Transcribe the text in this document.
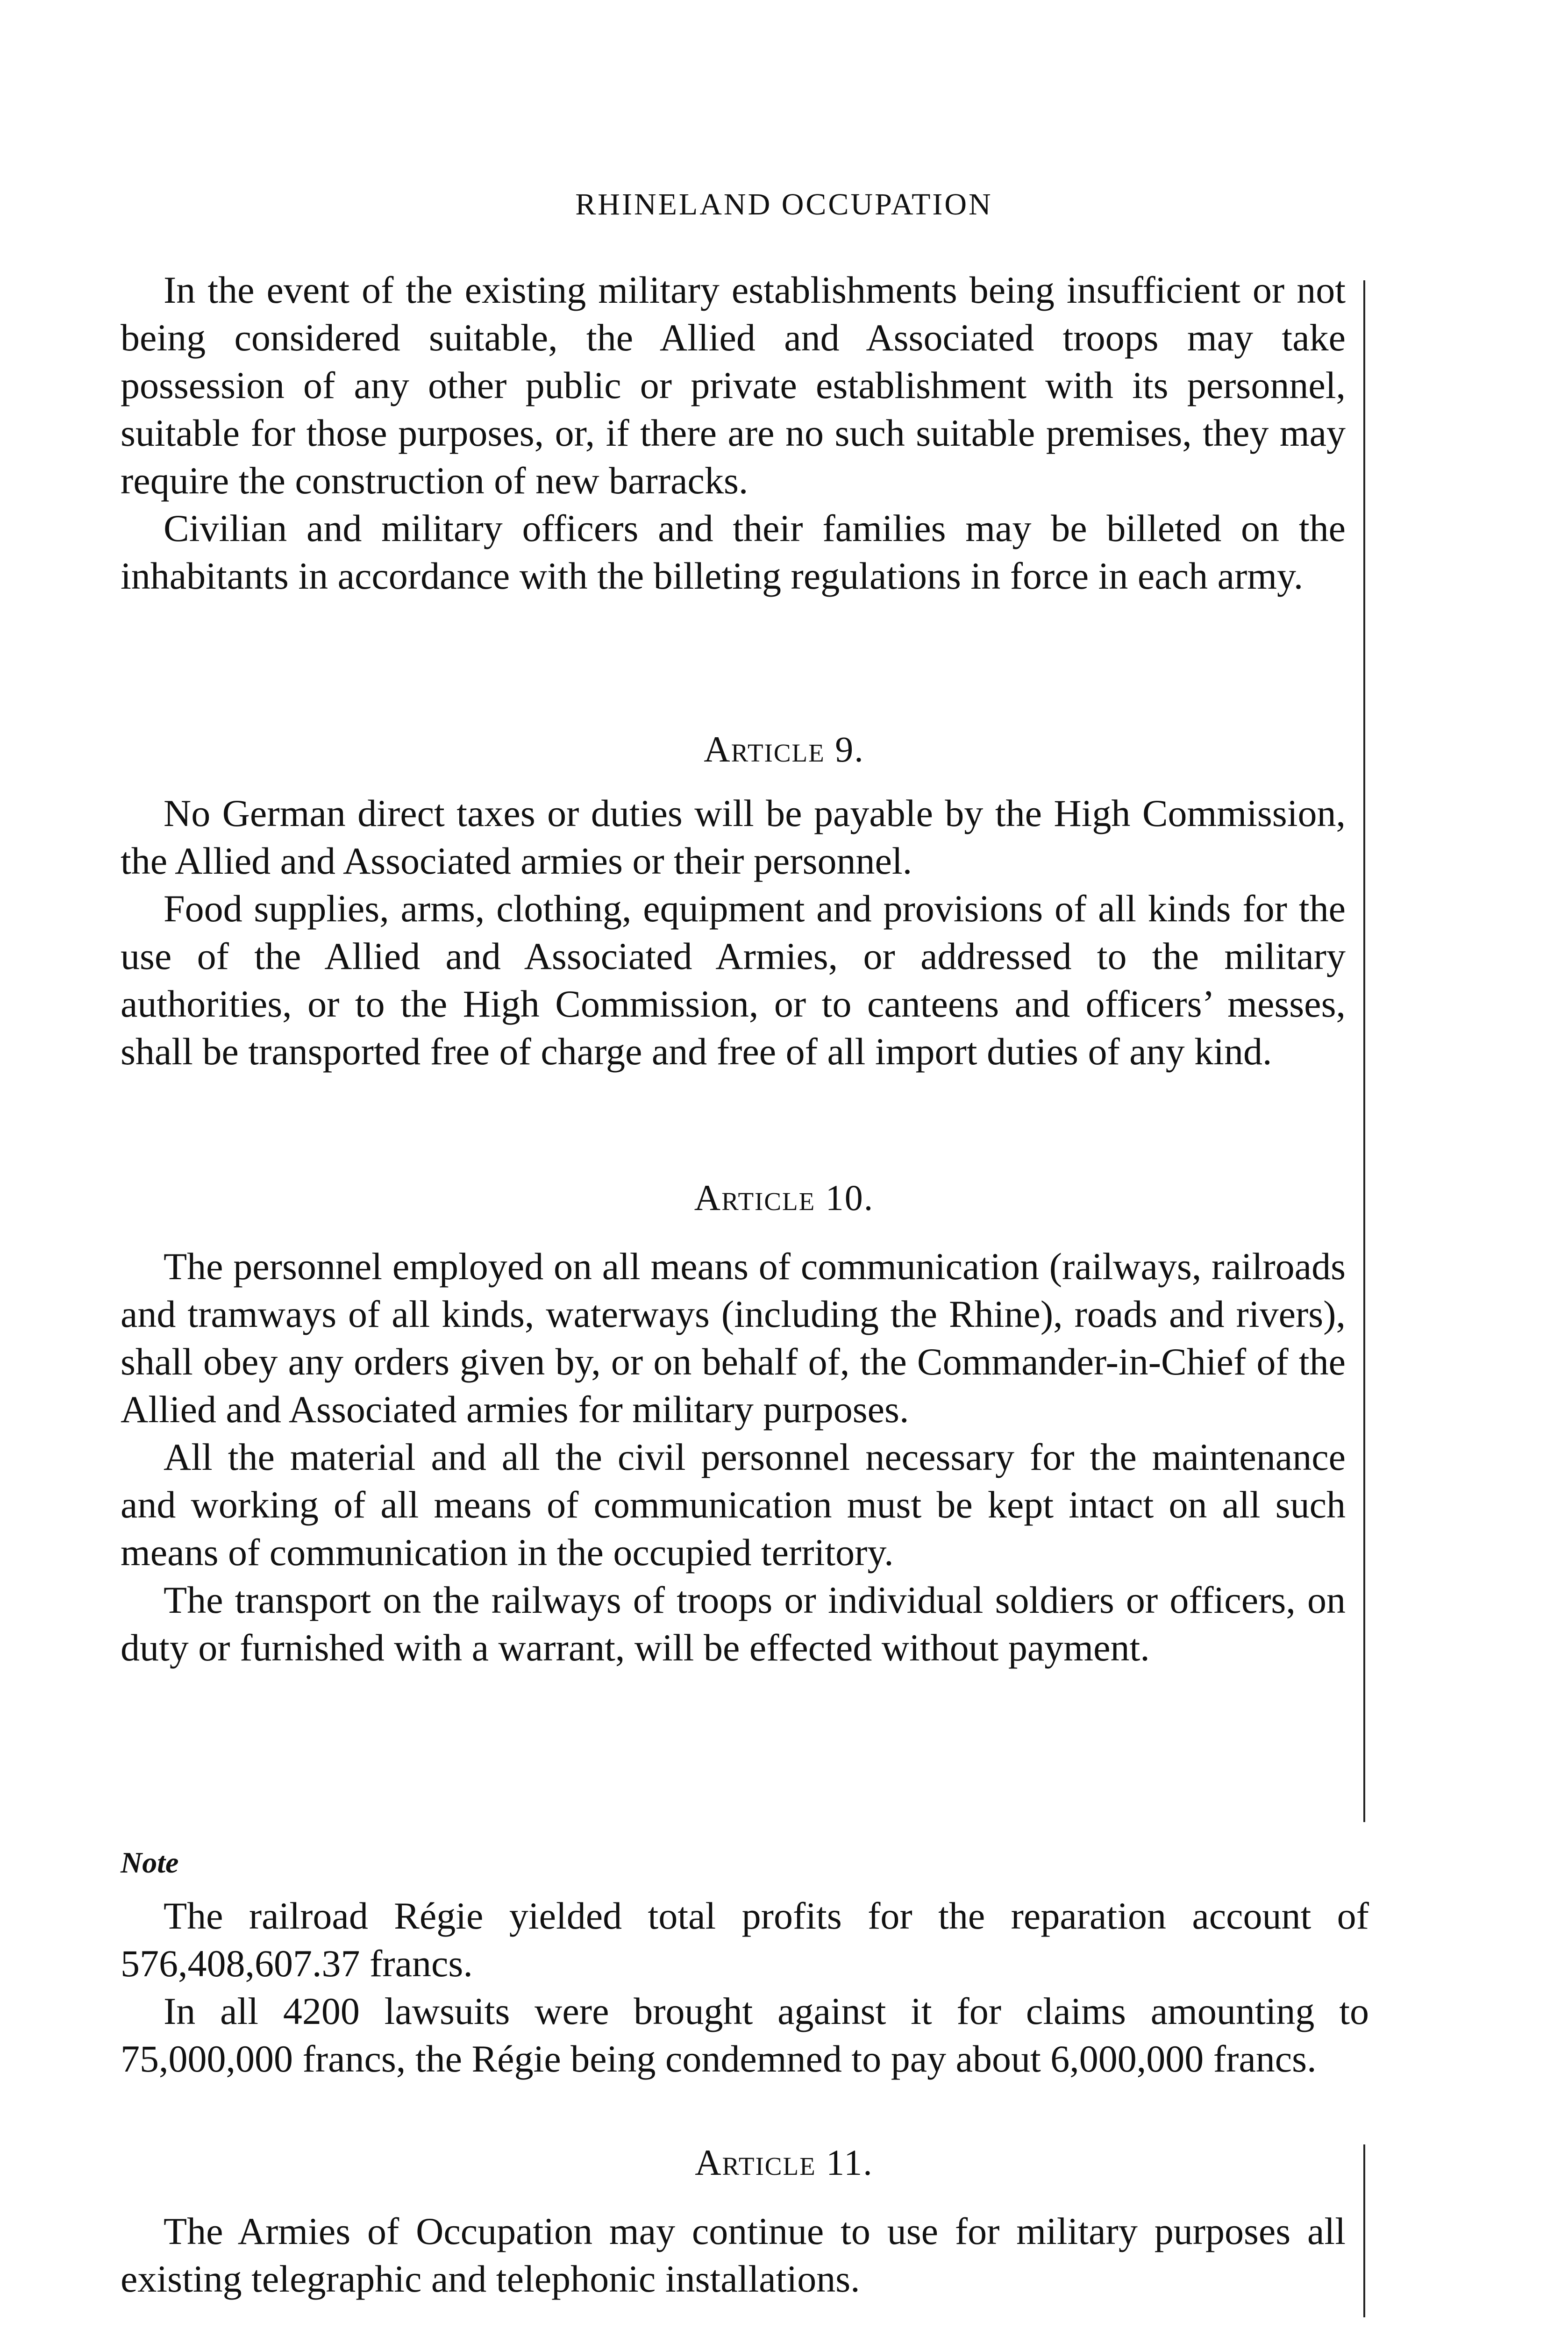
RHINELAND OCCUPATION

In the event of the existing military establishments being insufficient or not being considered suitable, the Allied and Associated troops may take possession of any other public or private establishment with its personnel, suitable for those purposes, or, if there are no such suitable premises, they may require the construction of new barracks.

Civilian and military officers and their families may be billeted on the inhabitants in accordance with the billeting regulations in force in each army.

Article 9.

No German direct taxes or duties will be payable by the High Commission, the Allied and Associated armies or their personnel.

Food supplies, arms, clothing, equipment and provisions of all kinds for the use of the Allied and Associated Armies, or addressed to the military authorities, or to the High Commission, or to canteens and officers’ messes, shall be transported free of charge and free of all import duties of any kind.

Article 10.

The personnel employed on all means of communication (railways, railroads and tramways of all kinds, waterways (including the Rhine), roads and rivers), shall obey any orders given by, or on behalf of, the Commander-in-Chief of the Allied and Associated armies for military purposes.

All the material and all the civil personnel necessary for the maintenance and working of all means of communication must be kept intact on all such means of communication in the occupied territory.

The transport on the railways of troops or individual soldiers or officers, on duty or furnished with a warrant, will be effected without payment.

Note

The railroad Régie yielded total profits for the reparation account of 576,408,607.37 francs.

In all 4200 lawsuits were brought against it for claims amounting to 75,000,000 francs, the Régie being condemned to pay about 6,000,000 francs.

Article 11.

The Armies of Occupation may continue to use for military purposes all existing telegraphic and telephonic installations.
